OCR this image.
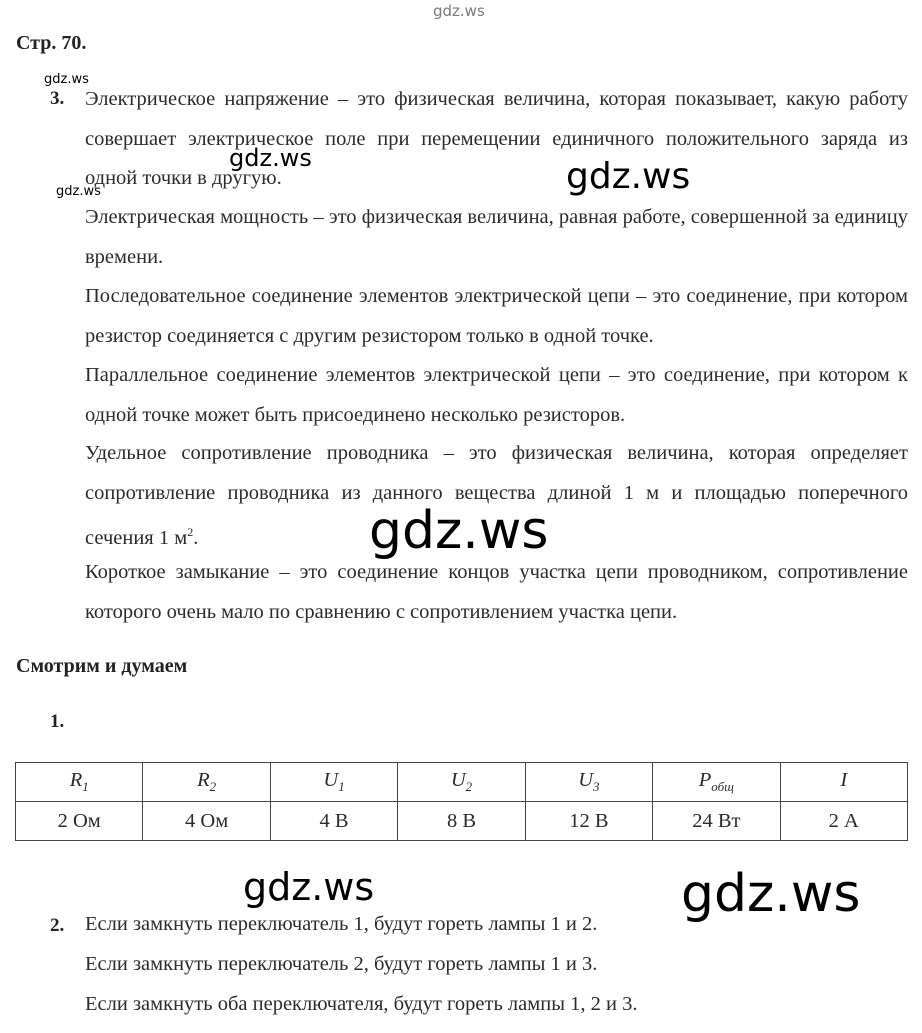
gdz.ws
gdz.ws
gdz.ws
gdz.ws
Стр. 70.
3. Электрическое напряжение – это физическая величина, которая показывает, какую работу совершает электрическое поле при перемещении единичного положительного заряда из одной точки в другую.

Электрическая мощность – это физическая величина, равная работе, совершенной за единицу времени.

Последовательное соединение элементов электрической цепи – это соединение, при котором резистор соединяется с другим резистором только в одной точке.

Параллельное соединение элементов электрической цепи – это соединение, при котором к одной точке может быть присоединено несколько резисторов.

Удельное сопротивление проводника – это физическая величина, которая определяет сопротивление проводника из данного вещества длиной 1 м и площадью поперечного сечения 1 $м^2$.

Короткое замыкание – это соединение концов участка цепи проводником, сопротивление которого очень мало по сравнению с сопротивлением участка цепи.

gdz.ws
gdz.ws
Смотрим и думаем
1.
$R_1$	$R_2$	$U_1$	$U_2$	$U_3$	$P_{общ}$	I
2 Ом	4 Ом	4 В	8 В	12 В	24 Вт	2 А
gdz.ws	gdz.ws
2. Если замкнуть переключатель 1, будут гореть лампы 1 и 2.
Если замкнуть переключатель 2, будут гореть лампы 1 и 3.
Если замкнуть оба переключателя, будут гореть лампы 1, 2 и 3.
